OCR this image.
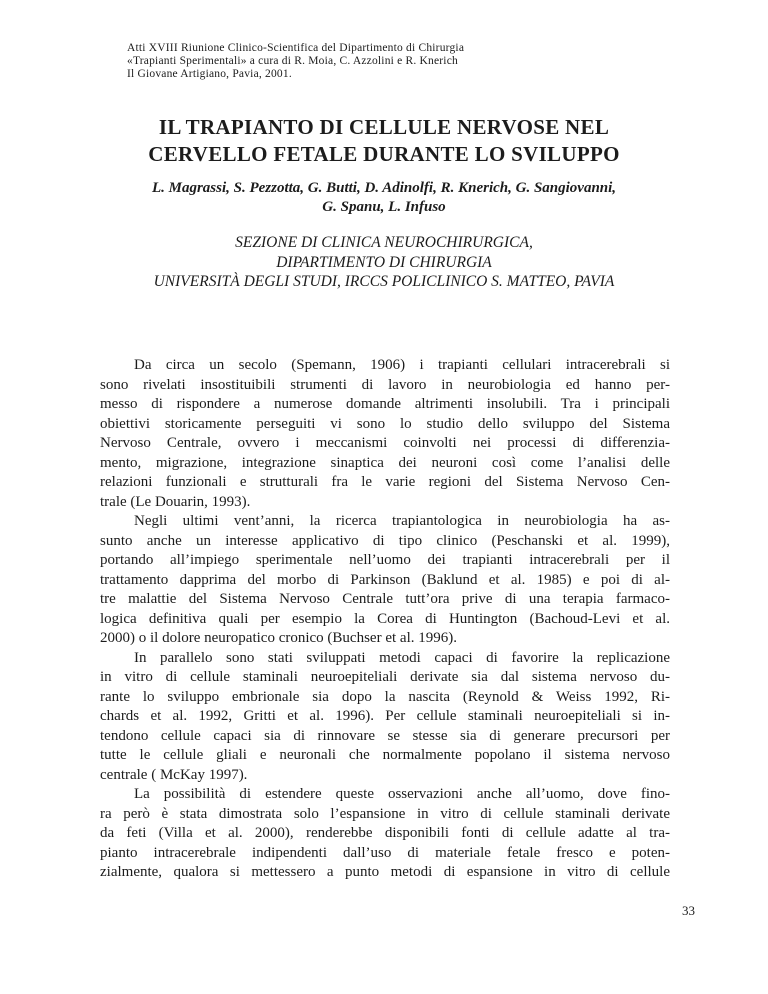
Atti XVIII Riunione Clinico-Scientifica del Dipartimento di Chirurgia
«Trapianti Sperimentali» a cura di R. Moia, C. Azzolini e R. Knerich
Il Giovane Artigiano, Pavia, 2001.
IL TRAPIANTO DI CELLULE NERVOSE NEL
CERVELLO FETALE DURANTE LO SVILUPPO
L. Magrassi, S. Pezzotta, G. Butti, D. Adinolfi, R. Knerich, G. Sangiovanni,
G. Spanu, L. Infuso
SEZIONE DI CLINICA NEUROCHIRURGICA,
DIPARTIMENTO DI CHIRURGIA
UNIVERSITÀ DEGLI STUDI, IRCCS POLICLINICO S. MATTEO, PAVIA
Da circa un secolo (Spemann, 1906) i trapianti cellulari intracerebrali si
sono rivelati insostituibili strumenti di lavoro in neurobiologia ed hanno per-
messo di rispondere a numerose domande altrimenti insolubili. Tra i principali
obiettivi storicamente perseguiti vi sono lo studio dello sviluppo del Sistema
Nervoso Centrale, ovvero i meccanismi coinvolti nei processi di differenzia-
mento, migrazione, integrazione sinaptica dei neuroni così come l’analisi delle
relazioni funzionali e strutturali fra le varie regioni del Sistema Nervoso Cen-
trale (Le Douarin, 1993).
Negli ultimi vent’anni, la ricerca trapiantologica in neurobiologia ha as-
sunto anche un interesse applicativo di tipo clinico (Peschanski et al. 1999),
portando all’impiego sperimentale nell’uomo dei trapianti intracerebrali per il
trattamento dapprima del morbo di Parkinson (Baklund et al. 1985) e poi di al-
tre malattie del Sistema Nervoso Centrale tutt’ora prive di una terapia farmaco-
logica definitiva quali per esempio la Corea di Huntington (Bachoud-Levi et al.
2000) o il dolore neuropatico cronico (Buchser et al. 1996).
In parallelo sono stati sviluppati metodi capaci di favorire la replicazione
in vitro di cellule staminali neuroepiteliali derivate sia dal sistema nervoso du-
rante lo sviluppo embrionale sia dopo la nascita (Reynold & Weiss 1992, Ri-
chards et al. 1992, Gritti et al. 1996). Per cellule staminali neuroepiteliali si in-
tendono cellule capaci sia di rinnovare se stesse sia di generare precursori per
tutte le cellule gliali e neuronali che normalmente popolano il sistema nervoso
centrale ( McKay 1997).
La possibilità di estendere queste osservazioni anche all’uomo, dove fino-
ra però è stata dimostrata solo l’espansione in vitro di cellule staminali derivate
da feti (Villa et al. 2000), renderebbe disponibili fonti di cellule adatte al tra-
pianto intracerebrale indipendenti dall’uso di materiale fetale fresco e poten-
zialmente, qualora si mettessero a punto metodi di espansione in vitro di cellule
33
